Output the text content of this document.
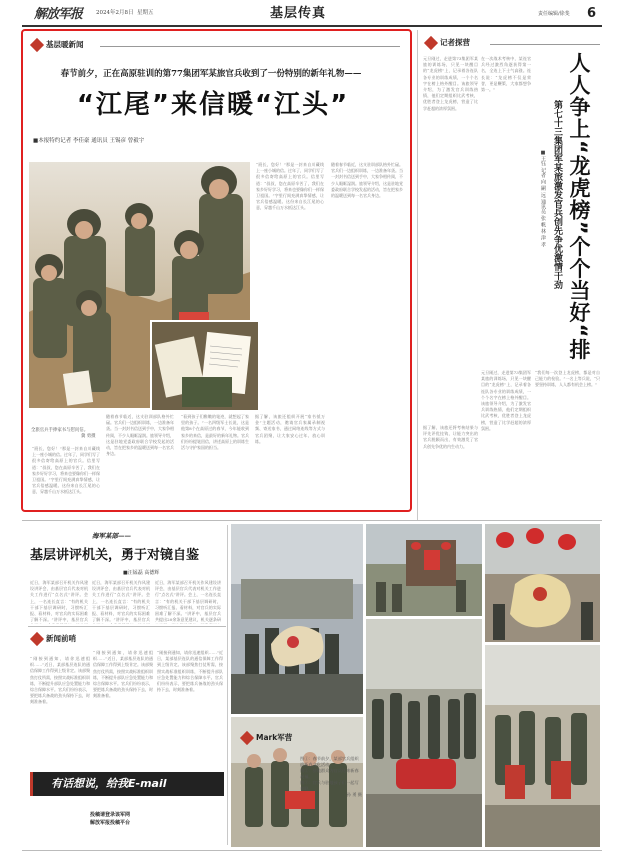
解放军报	2024年2月8日 星期五	基层传真	责任编辑/徐斐 6
基层暖新闻
春节前夕，正在高原驻训的第77集团军某旅官兵收到了一份特别的新年礼物——
“江尾”来信暖“江头”
■本报特约记者 李佳豪 通讯员 王锡彦 曾毅宇
全旅官兵手捧家书与慰问信。
冀 勇摄
“班长，您好！”那是一封来自川藏线上一座小城的信。过年了，同学们写了很多信寄给高原上的官兵。信里写道：“叔叔，您在高原辛苦了，我们在家乡好好学习，将来也要像你们一样保卫祖国。”字里行间充满真挚情感，让官兵倍感温暖。这份来自长江尾的心意，穿越千山万水抵达江头。
随着春节临近，这支驻训部队格外忙碌。官兵们一边组织训练，一边准备年货。当一封封书信送到手中，大家争相传阅，不少人眼眶湿润。旅领导介绍，这是驻地党委政府联合学校发起的活动，旨在把家乡的温暖送到每一名官兵身边。
“看到孩子们稚嫩的笔迹，就想起了家里的孩子。”一名四级军士长说，这是他第8个在高原过的春节，今年能收到家乡的来信，是最好的新年礼物。官兵们纷纷提笔回信，讲述高原上的训练生活与守护家国的担当。
据了解，该旅还组织开展“家书抵万金”主题活动，邀请官兵家属录制视频、寄送家书，通过网络连线等方式与官兵团聚，让大家安心过年、放心训练。
“班长，您好！”那是一封来自川藏线上一座小城的信。过年了，同学们写了很多信寄给高原上的官兵。信里写道：“叔叔，您在高原辛苦了，我们在家乡好好学习，将来也要像你们一样保卫祖国。”字里行间充满真挚情感，让官兵倍感温暖。这份来自长江尾的心意，穿越千山万水抵达江头。
随着春节临近，这支驻训部队格外忙碌。官兵们一边组织训练，一边准备年货。当一封封书信送到手中，大家争相传阅，不少人眼眶湿润。旅领导介绍，这是驻地党委政府联合学校发起的活动，旨在把家乡的温暖送到每一名官兵身边。
记者探营
人人争上“龙虎榜”个个当好“排
第七十三集团军某旅激发官兵创先争优激情干劲
■王钰 记者 向 嗣 远 通讯员 张 帆 林 津 孝
元旦刚过，走进第73集团军某旅的训练场，只见一块醒目的“龙虎榜”上，记录着各连队各专业的训练成绩，一个个名字在榜上格外醒目。该旅领导介绍，为了激发官兵训练热情，他们定期组织比武考核，优胜者登上龙虎榜，营造了比学赶超的浓厚氛围。
在一次战术考核中，某连官兵经过激烈角逐获得第一名，全连上下士气高涨。连长说：“龙虎榜不仅是荣誉，更是鞭策，大家都想争第一。”
据了解，该旅还将考核结果与评先评优挂钩，让能力突出的官兵脱颖而出，有效激发了官兵创先争优的内生动力。
“我们每一次登上龙虎榜，都是对自己能力的检验。”一名上等兵说，“只要坚持训练，人人都有机会上榜。”
元旦刚过，走进第73集团军某旅的训练场，只见一块醒目的“龙虎榜”上，记录着各连队各专业的训练成绩，一个个名字在榜上格外醒目。该旅领导介绍，为了激发官兵训练热情，他们定期组织比武考核，优胜者登上龙虎榜，营造了比学赶超的浓厚氛围。
海军某部——
基层讲评机关，勇于对镜自鉴
■汪锰磊 高德辉
近日，海军某部召开机关作风建设讲评会，由基层官兵代表对机关工作进行“点名式”讲评。会上，一名连长直言：“有的机关干部下基层调研时，习惯听汇报、看材料，对官兵的实际困难了解不深。”讲评中，基层官兵
近日，海军某部召开机关作风建设讲评会，由基层官兵代表对机关工作进行“点名式”讲评。会上，一名连长直言：“有的机关干部下基层调研时，习惯听汇报、看材料，对官兵的实际困难了解不深。”讲评中，基层官兵
近日，海军某部召开机关作风建设讲评会，由基层官兵代表对机关工作进行“点名式”讲评。会上，一名连长直言：“有的机关干部下基层调研时，习惯听汇报、看材料，对官兵的实际困难了解不深。”讲评中，基层官兵共提出20余条意见建议，机关逐条研
新闻前哨
“刚接到通知，请你迅速组织……”近日，某部基层连队的通信保障工作得到上级肯定。该部聚焦打仗所需，按照实战标准组织训练，不断提升部队应急处置能力和综合保障水平。官兵们纷纷表示，要把练兵备战的劲头保持下去，时刻准备着。
“刚接到通知，请你迅速组织……”近日，某部基层连队的通信保障工作得到上级肯定。该部聚焦打仗所需，按照实战标准组织训练，不断提升部队应急处置能力和综合保障水平。官兵们纷纷表示，要把练兵备战的劲头保持下去，时刻准备着。
“刚接到通知，请你迅速组织……”近日，某部基层连队的通信保障工作得到上级肯定。该部聚焦打仗所需，按照实战标准组织训练，不断提升部队应急处置能力和综合保障水平。官兵们纷纷表示，要把练兵备战的劲头保持下去，时刻准备着。
有话想说，给我E-mail
投稿请登录该军网
解放军报投稿平台
Mark军营
图①：春节前夕，某部官兵组织迎新春文化活动。
图②：驻地群众为官兵送来新春祝福。
图③：官兵与驻地孩子们一起写春联。
孙 勇 摄
